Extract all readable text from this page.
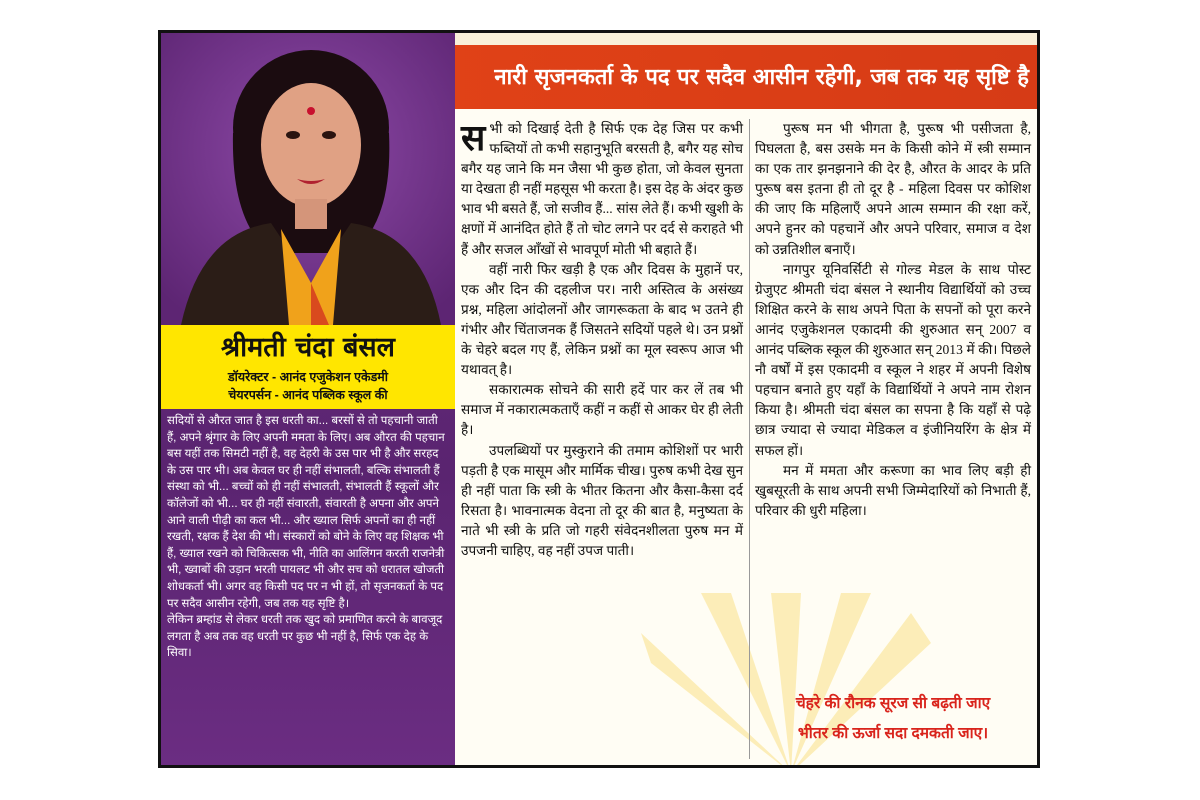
नारी सृजनकर्ता के पद पर सदैव आसीन रहेगी, जब तक यह सृष्टि है
श्रीमती चंदा बंसल
डॉयरेक्टर - आनंद एजुकेशन एकेडमी
चेयरपर्सन - आनंद पब्लिक स्कूल की

सदियों से औरत जात है इस धरती का... बरसों से तो पहचानी जाती हैं, अपने श्रृंगार के लिए अपनी ममता के लिए। अब औरत की पहचान बस यहीं तक सिमटी नहीं है, वह देहरी के उस पार भी है और सरहद के उस पार भी। अब केवल घर ही नहीं संभालती, बल्कि संभालती हैं संस्था को भी... बच्चों को ही नहीं संभालती, संभालती हैं स्कूलों और कॉलेजों को भी... घर ही नहीं संवारती, संवारती है अपना और अपने आने वाली पीढ़ी का कल भी... और ख्याल सिर्फ अपनों का ही नहीं रखती, रक्षक हैं देश की भी। संस्कारों को बोने के लिए वह शिक्षक भी हैं, ख्याल रखने को चिकित्सक भी, नीति का आलिंगन करती राजनेत्री भी, ख्वाबों की उड़ान भरती पायलट भी और सच को धरातल खोजती शोधकर्ता भी। अगर वह किसी पद पर न भी हों, तो सृजनकर्ता के पद पर सदैव आसीन रहेगी, जब तक यह सृष्टि है।

लेकिन ब्रम्हांड से लेकर धरती तक खुद को प्रमाणित करने के बावजूद लगता है अब तक वह धरती पर कुछ भी नहीं है, सिर्फ एक देह के सिवा।

सभी को दिखाई देती है सिर्फ एक देह जिस पर कभी फब्तियों तो कभी सहानुभूति बरसती है, बगैर यह सोच बगैर यह जाने कि मन जैसा भी कुछ होता, जो केवल सुनता या देखता ही नहीं महसूस भी करता है। इस देह के अंदर कुछ भाव भी बसते हैं, जो सजीव हैं... सांस लेते हैं। कभी खुशी के क्षणों में आनंदित होते हैं तो चोट लगने पर दर्द से कराहते भी हैं और सजल आँखों से भावपूर्ण मोती भी बहाते हैं।

वहीं नारी फिर खड़ी है एक और दिवस के मुहानें पर, एक और दिन की दहलीज पर। नारी अस्तित्व के असंख्य प्रश्न, महिला आंदोलनों और जागरूकता के बाद भ उतने ही गंभीर और चिंताजनक हैं जिसतने सदियों पहले थे। उन प्रश्नों के चेहरे बदल गए हैं, लेकिन प्रश्नों का मूल स्वरूप आज भी यथावत् है।

सकारात्मक सोचने की सारी हदें पार कर लें तब भी समाज में नकारात्मकताएँ कहीं न कहीं से आकर घेर ही लेती है।

उपलब्धियों पर मुस्कुराने की तमाम कोशिशों पर भारी पड़ती है एक मासूम और मार्मिक चीख। पुरुष कभी देख सुन ही नहीं पाता कि स्त्री के भीतर कितना और कैसा-कैसा दर्द रिसता है। भावनात्मक वेदना तो दूर की बात है, मनुष्यता के नाते भी स्त्री के प्रति जो गहरी संवेदनशीलता पुरुष मन में उपजनी चाहिए, वह नहीं उपज पाती।

पुरूष मन भी भीगता है, पुरूष भी पसीजता है, पिघलता है, बस उसके मन के किसी कोने में स्त्री सम्मान का एक तार झनझनाने की देर है, औरत के आदर के प्रति पुरूष बस इतना ही तो दूर है - महिला दिवस पर कोशिश की जाए कि महिलाएँ अपने आत्म सम्मान की रक्षा करें, अपने हुनर को पहचानें और अपने परिवार, समाज व देश को उन्नतिशील बनाएँ।

नागपुर यूनिवर्सिटी से गोल्ड मेडल के साथ पोस्ट ग्रेजुएट श्रीमती चंदा बंसल ने स्थानीय विद्यार्थियों को उच्च शिक्षित करने के साथ अपने पिता के सपनों को पूरा करने आनंद एजुकेशनल एकादमी की शुरुआत सन् 2007 व आनंद पब्लिक स्कूल की शुरुआत सन् 2013 में की। पिछले नौ वर्षों में इस एकादमी व स्कूल ने शहर में अपनी विशेष पहचान बनाते हुए यहाँ के विद्यार्थियों ने अपने नाम रोशन किया है। श्रीमती चंदा बंसल का सपना है कि यहाँ से पढ़े छात्र ज्यादा से ज्यादा मेडिकल व इंजीनियरिंग के क्षेत्र में सफल हों।

मन में ममता और करूणा का भाव लिए बड़ी ही खुबसूरती के साथ अपनी सभी जिम्मेदारियों को निभाती हैं, परिवार की धुरी महिला।

चेहरे की रौनक सूरज सी बढ़ती जाए
भीतर की ऊर्जा सदा दमकती जाए।
